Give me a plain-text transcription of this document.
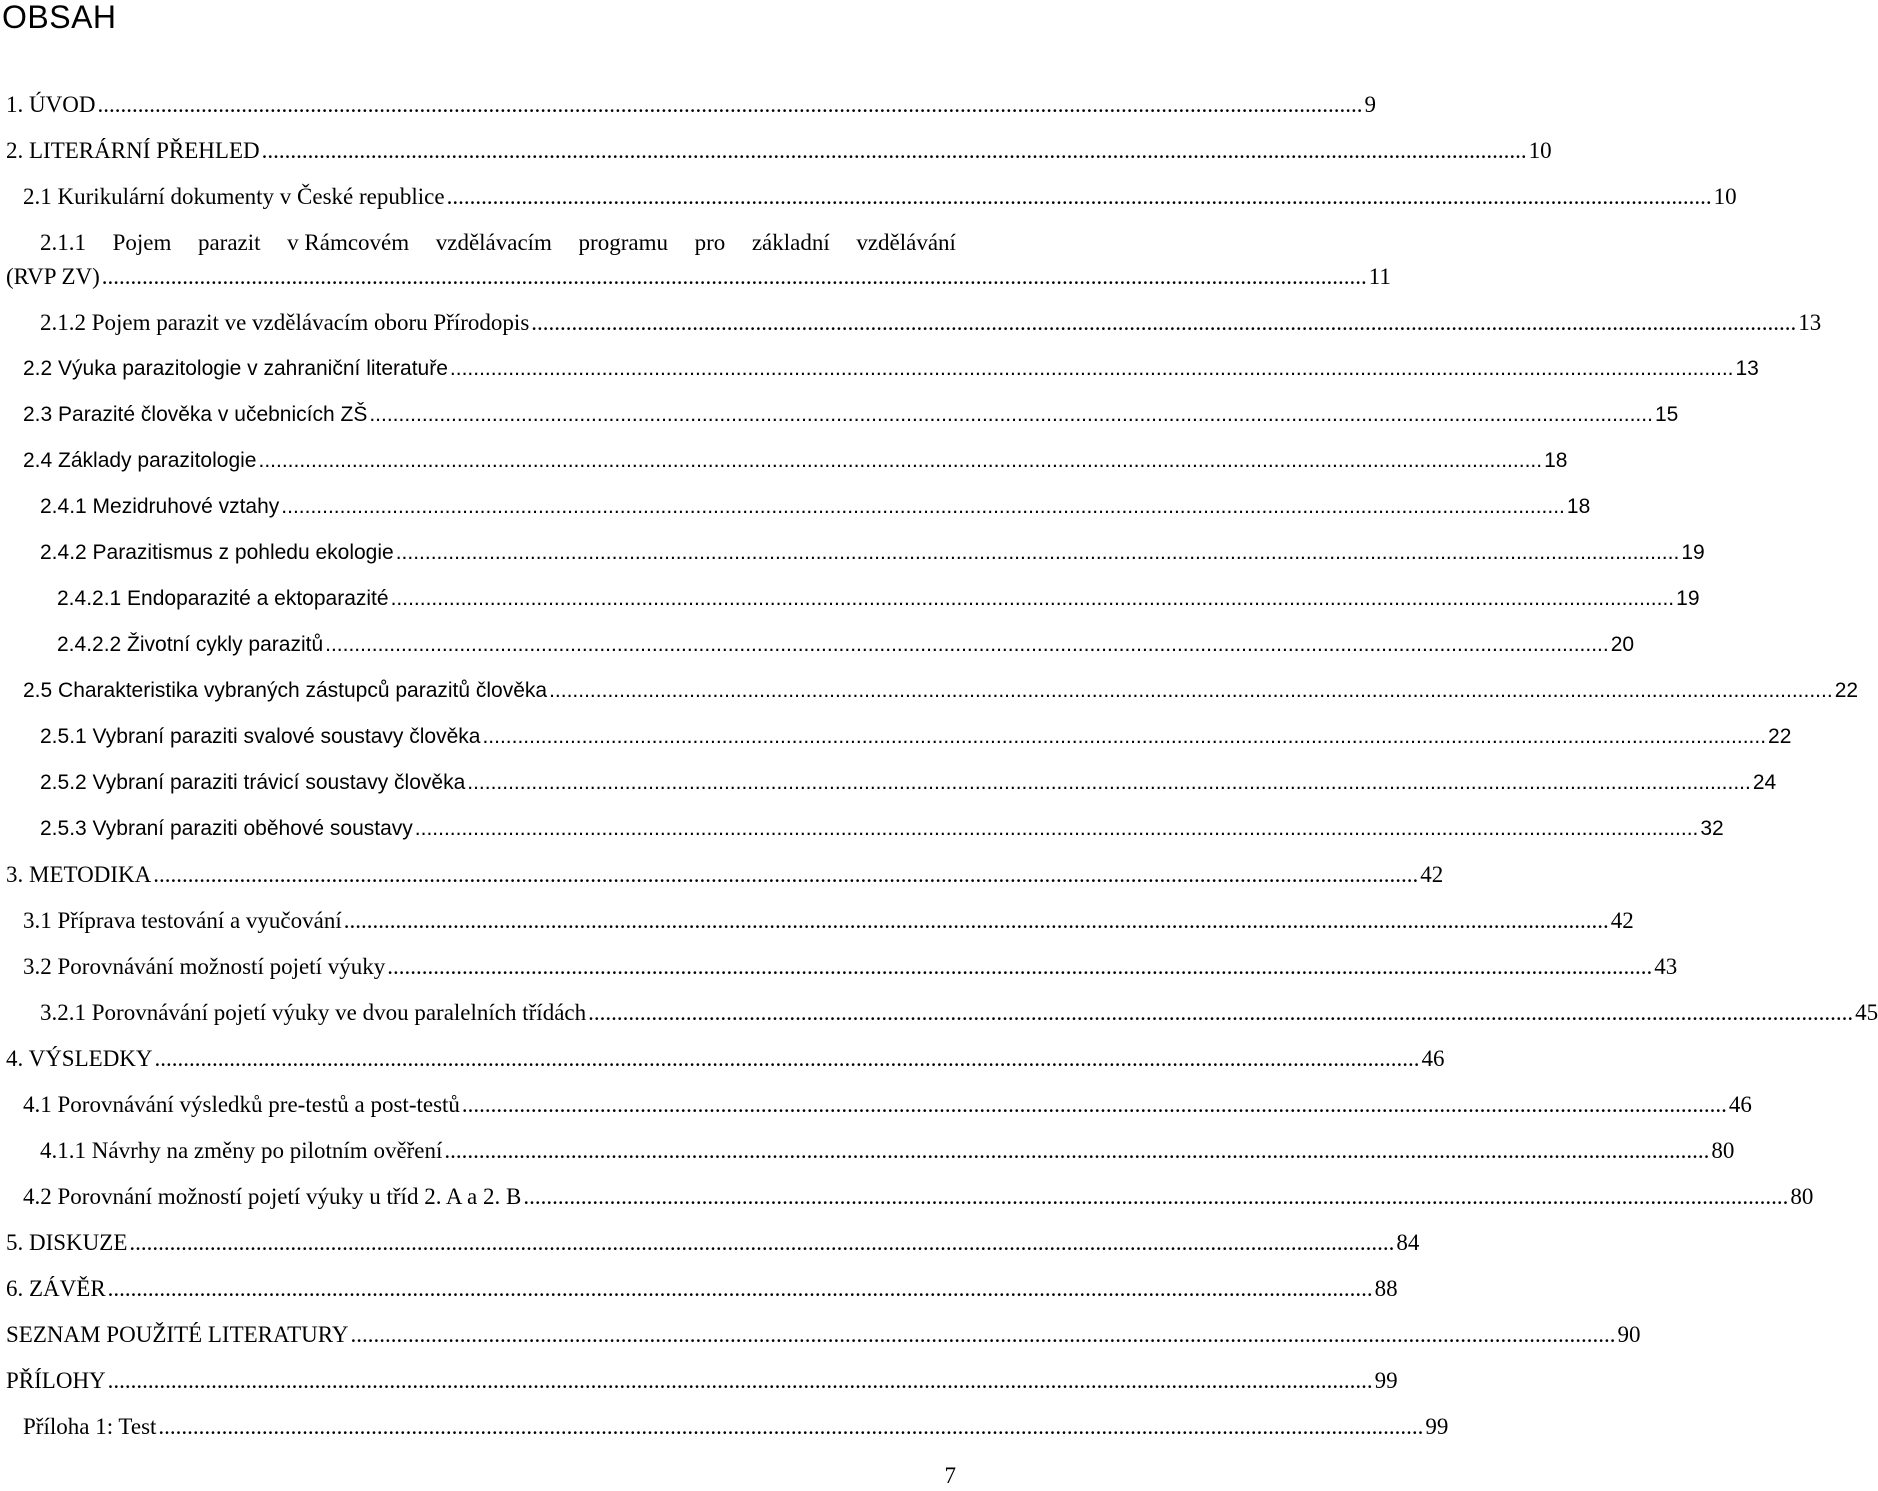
OBSAH
1. ÚVOD ............................................................................................................................................................................................................................ 9
2. LITERÁRNÍ PŘEHLED ............................................................................................................................................................................................................................ 10
2.1 Kurikulární dokumenty v České republice ............................................................................................................................................................................................................................ 10
2.1.1 Pojem parazit v Rámcovém vzdělávacím programu pro základní vzdělávání
(RVP ZV) ............................................................................................................................................................................................................................ 11
2.1.2 Pojem parazit ve vzdělávacím oboru Přírodopis ............................................................................................................................................................................................................................ 13
2.2 Výuka parazitologie v zahraniční literatuře ............................................................................................................................................................................................................................ 13
2.3 Parazité člověka v učebnicích ZŠ ............................................................................................................................................................................................................................ 15
2.4 Základy parazitologie ............................................................................................................................................................................................................................ 18
2.4.1 Mezidruhové vztahy ............................................................................................................................................................................................................................ 18
2.4.2 Parazitismus z pohledu ekologie ............................................................................................................................................................................................................................ 19
2.4.2.1 Endoparazité a ektoparazité ............................................................................................................................................................................................................................ 19
2.4.2.2 Životní cykly parazitů ............................................................................................................................................................................................................................ 20
2.5 Charakteristika vybraných zástupců parazitů člověka ............................................................................................................................................................................................................................ 22
2.5.1 Vybraní paraziti svalové soustavy člověka ............................................................................................................................................................................................................................ 22
2.5.2 Vybraní paraziti trávicí soustavy člověka ............................................................................................................................................................................................................................ 24
2.5.3 Vybraní paraziti oběhové soustavy ............................................................................................................................................................................................................................ 32
3. METODIKA ............................................................................................................................................................................................................................ 42
3.1 Příprava testování a vyučování ............................................................................................................................................................................................................................ 42
3.2 Porovnávání možností pojetí výuky ............................................................................................................................................................................................................................ 43
3.2.1 Porovnávání pojetí výuky ve dvou paralelních třídách ............................................................................................................................................................................................................................ 45
4. VÝSLEDKY ............................................................................................................................................................................................................................ 46
4.1 Porovnávání výsledků pre-testů a post-testů ............................................................................................................................................................................................................................ 46
4.1.1 Návrhy na změny po pilotním ověření ............................................................................................................................................................................................................................ 80
4.2 Porovnání možností pojetí výuky u tříd 2. A a 2. B ............................................................................................................................................................................................................................ 80
5. DISKUZE ............................................................................................................................................................................................................................ 84
6. ZÁVĚR ............................................................................................................................................................................................................................ 88
SEZNAM POUŽITÉ LITERATURY ............................................................................................................................................................................................................................ 90
PŘÍLOHY ............................................................................................................................................................................................................................ 99
Příloha 1: Test ............................................................................................................................................................................................................................ 99
7
